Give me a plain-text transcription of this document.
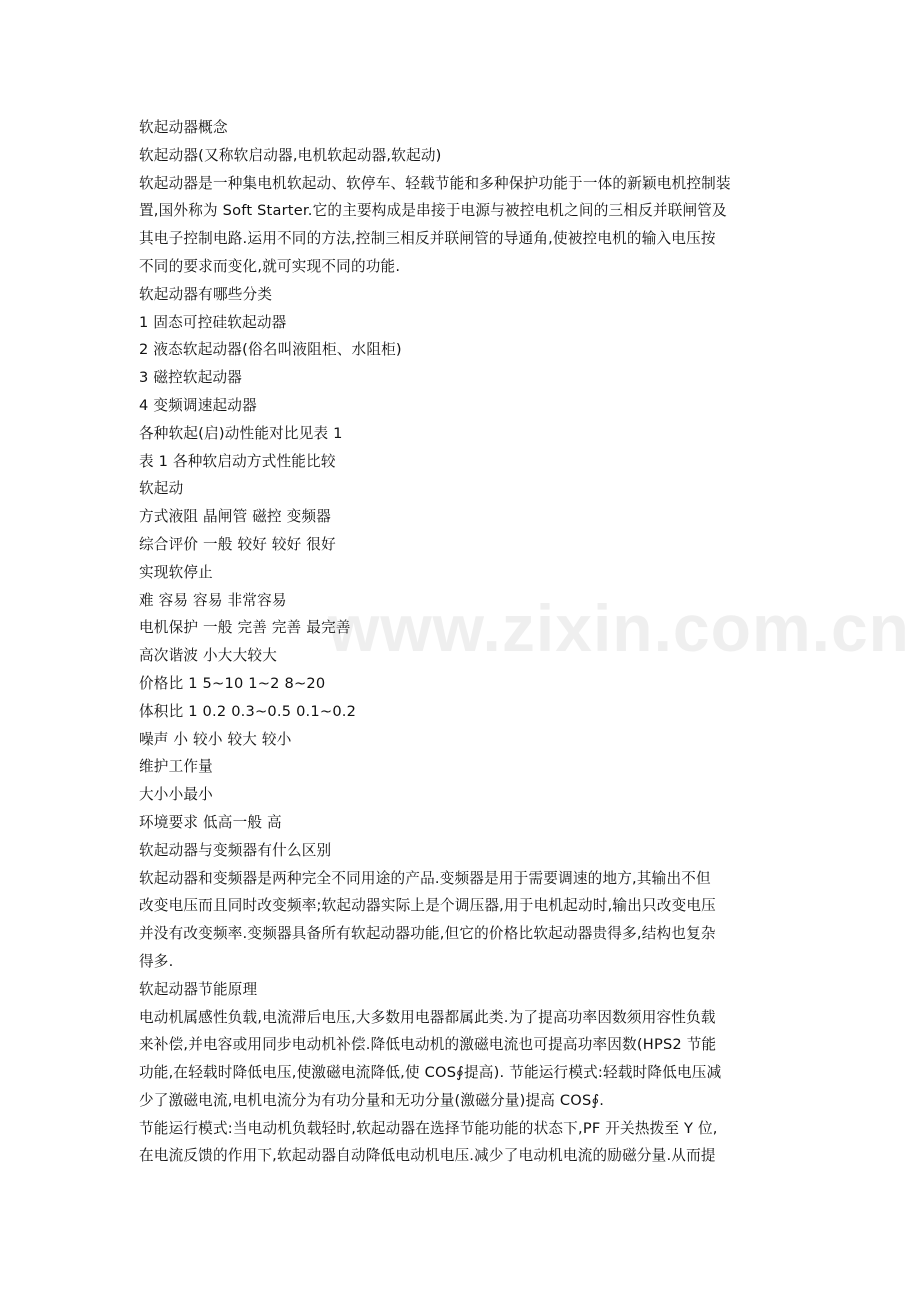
www.zixin.com.cn
软起动器概念
软起动器(又称软启动器,电机软起动器,软起动)
软起动器是一种集电机软起动、软停车、轻载节能和多种保护功能于一体的新颖电机控制装
置,国外称为 Soft Starter.它的主要构成是串接于电源与被控电机之间的三相反并联闸管及
其电子控制电路.运用不同的方法,控制三相反并联闸管的导通角,使被控电机的输入电压按
不同的要求而变化,就可实现不同的功能.
软起动器有哪些分类
1 固态可控硅软起动器
2 液态软起动器(俗名叫液阻柜、水阻柜)
3 磁控软起动器
4 变频调速起动器
各种软起(启)动性能对比见表 1
表 1 各种软启动方式性能比较
软起动
方式液阻 晶闸管 磁控 变频器
综合评价 一般 较好 较好 很好
实现软停止
难 容易 容易 非常容易
电机保护 一般 完善 完善 最完善
高次谐波 小大大较大
价格比 1 5~10 1~2 8~20
体积比 1 0.2 0.3~0.5 0.1~0.2
噪声 小 较小 较大 较小
维护工作量
大小小最小
环境要求 低高一般 高
软起动器与变频器有什么区别
软起动器和变频器是两种完全不同用途的产品.变频器是用于需要调速的地方,其输出不但
改变电压而且同时改变频率;软起动器实际上是个调压器,用于电机起动时,输出只改变电压
并没有改变频率.变频器具备所有软起动器功能,但它的价格比软起动器贵得多,结构也复杂
得多.
软起动器节能原理
电动机属感性负载,电流滞后电压,大多数用电器都属此类.为了提高功率因数须用容性负载
来补偿,并电容或用同步电动机补偿.降低电动机的激磁电流也可提高功率因数(HPS2 节能
功能,在轻载时降低电压,使激磁电流降低,使 COS∮提高). 节能运行模式:轻载时降低电压减
少了激磁电流,电机电流分为有功分量和无功分量(激磁分量)提高 COS∮.
节能运行模式:当电动机负载轻时,软起动器在选择节能功能的状态下,PF 开关热拨至 Y 位,
在电流反馈的作用下,软起动器自动降低电动机电压.减少了电动机电流的励磁分量.从而提
